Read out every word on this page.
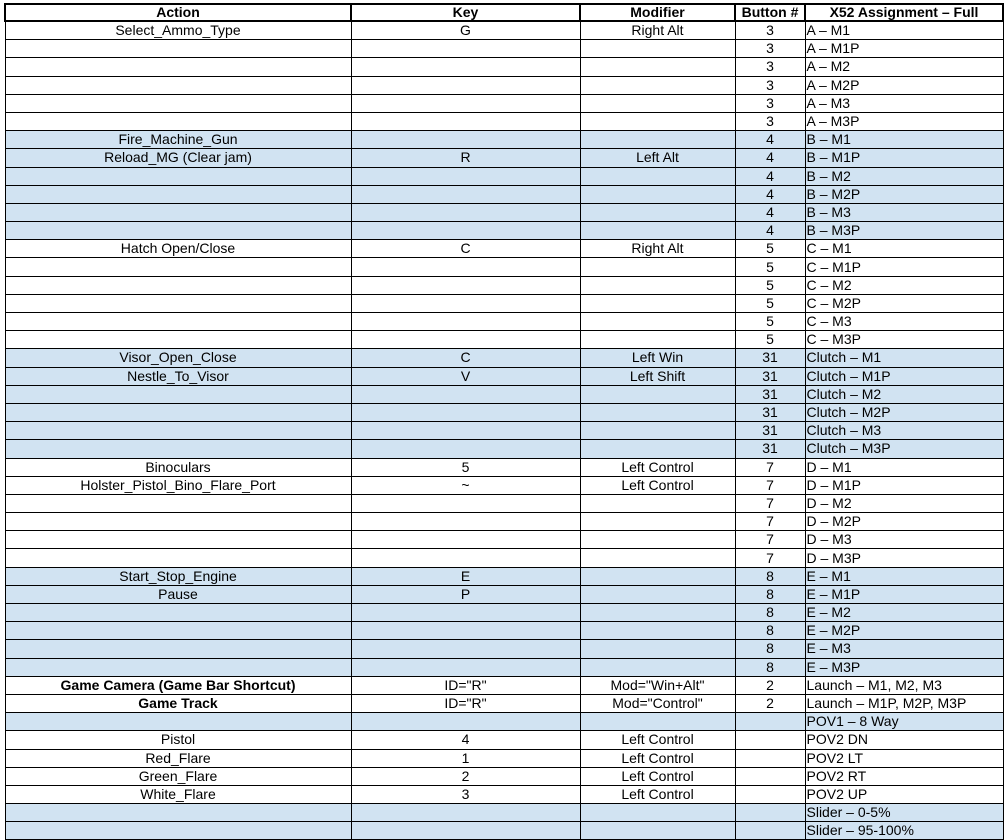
Action	Key	Modifier	Button #	X52 Assignment – Full
Select_Ammo_Type	G	Right Alt	3	A – M1
			3	A – M1P
			3	A – M2
			3	A – M2P
			3	A – M3
			3	A – M3P
Fire_Machine_Gun			4	B – M1
Reload_MG (Clear jam)	R	Left Alt	4	B – M1P
			4	B – M2
			4	B – M2P
			4	B – M3
			4	B – M3P
Hatch Open/Close	C	Right Alt	5	C – M1
			5	C – M1P
			5	C – M2
			5	C – M2P
			5	C – M3
			5	C – M3P
Visor_Open_Close	C	Left Win	31	Clutch – M1
Nestle_To_Visor	V	Left Shift	31	Clutch – M1P
			31	Clutch – M2
			31	Clutch – M2P
			31	Clutch – M3
			31	Clutch – M3P
Binoculars	5	Left Control	7	D – M1
Holster_Pistol_Bino_Flare_Port	~	Left Control	7	D – M1P
			7	D – M2
			7	D – M2P
			7	D – M3
			7	D – M3P
Start_Stop_Engine	E		8	E – M1
Pause	P		8	E – M1P
			8	E – M2
			8	E – M2P
			8	E – M3
			8	E – M3P
Game Camera (Game Bar Shortcut)	ID="R"	Mod="Win+Alt"	2	Launch – M1, M2, M3
Game Track	ID="R"	Mod="Control"	2	Launch – M1P, M2P, M3P
				POV1 – 8 Way
Pistol	4	Left Control		POV2 DN
Red_Flare	1	Left Control		POV2 LT
Green_Flare	2	Left Control		POV2 RT
White_Flare	3	Left Control		POV2 UP
				Slider – 0-5%
				Slider – 95-100%
